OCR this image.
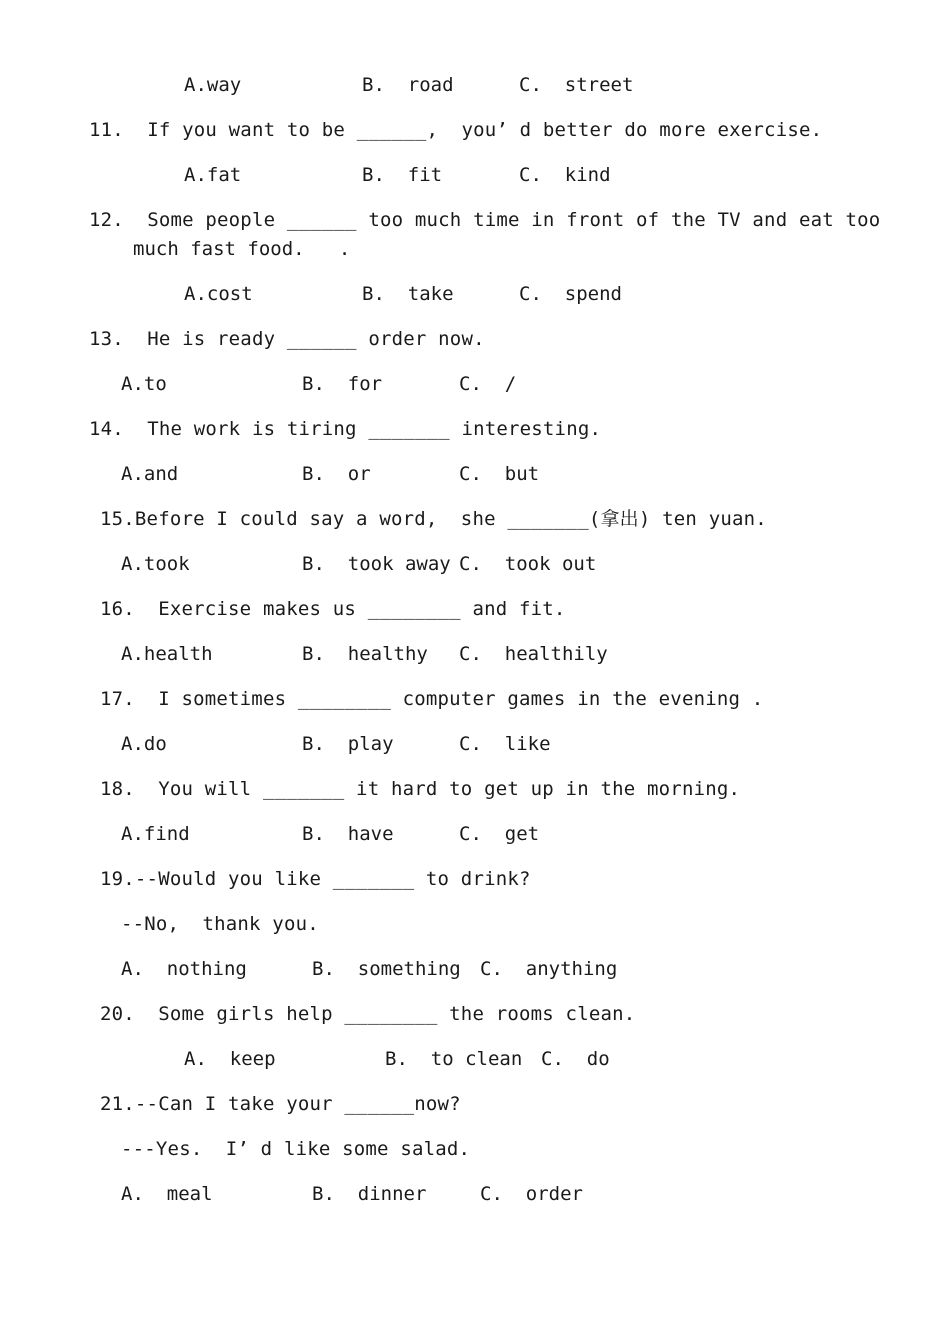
A.way	B.  road	C.  street
11.  If you want to be ______,  you’ d better do more exercise.
A.fat	B.  fit	C.  kind
12.  Some people ______ too much time in front of the TV and eat too
much fast food.   .
A.cost	B.  take	C.  spend
13.  He is ready ______ order now.
A.to	B.  for	C.  /
14.  The work is tiring _______ interesting.
A.and	B.  or	C.  but
15.Before I could say a word,  she _______(拿出) ten yuan.
A.took	B.  took away C.  took out
16.  Exercise makes us ________ and fit.
A.health	B.  healthy C.  healthily
17.  I sometimes ________ computer games in the evening .
A.do	B.  play	C.  like
18.  You will _______ it hard to get up in the morning.
A.find	B.  have	C.  get
19.--Would you like _______ to drink?
--No,  thank you.
A.  nothing	B.  something C.  anything
20.  Some girls help ________ the rooms clean.
A.  keep	B.  to clean C.  do
21.--Can I take your ______now?
---Yes.  I’ d like some salad.
A.  meal	B.  dinner	C.  order
